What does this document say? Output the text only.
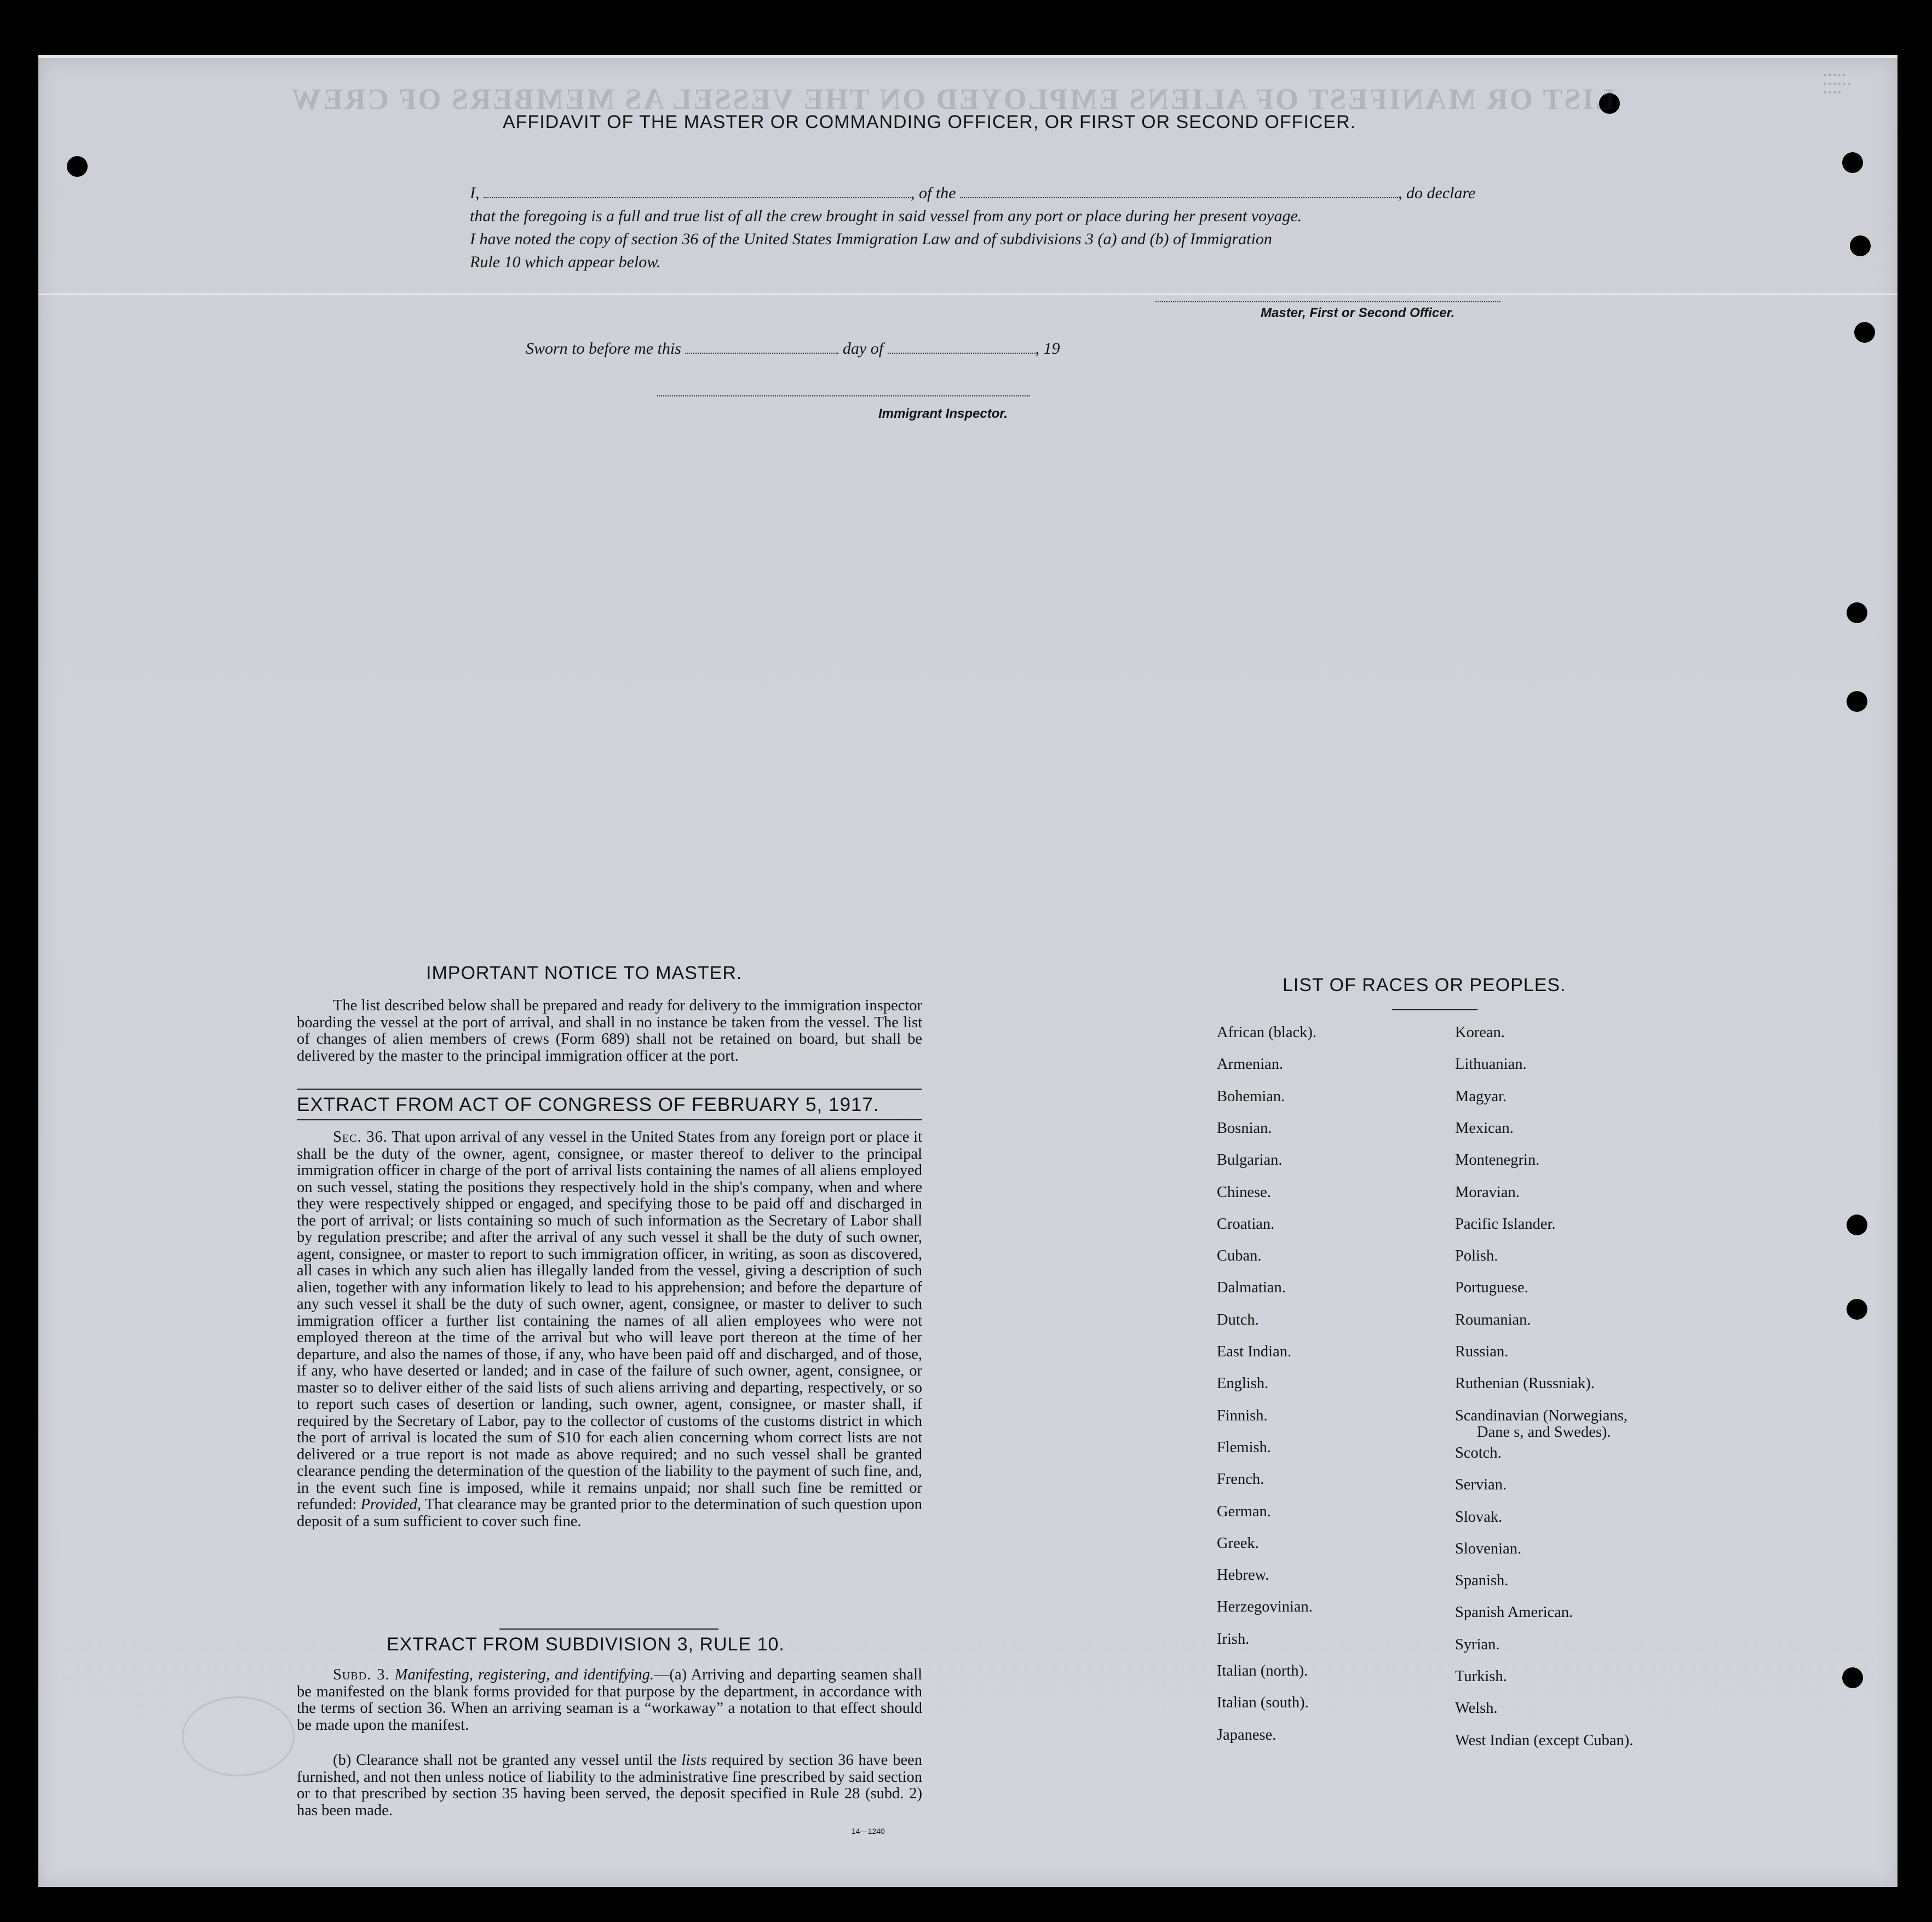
LIST OR MANIFEST OF ALIENS EMPLOYED ON THE VESSEL AS MEMBERS OF CREW

▪ ▪ ▪ ▪ ▪
▪ ▪ ▪ ▪ ▪ ▪
▪ ▪ ▪ ▪
AFFIDAVIT OF THE MASTER OR COMMANDING OFFICER, OR FIRST OR SECOND OFFICER.
I,	, of the	, do declare
that the foregoing is a full and true list of all the crew brought in said vessel from any port or place during her present voyage.
I have noted the copy of section 36 of the United States Immigration Law and of subdivisions 3 (a) and (b) of Immigration
Rule 10 which appear below.
Master, First or Second Officer.
Sworn to before me this	day of	, 19
Immigrant Inspector.
IMPORTANT NOTICE TO MASTER.
The list described below shall be prepared and ready for delivery to the immigration inspector boarding the vessel at the port of arrival, and shall in no instance be taken from the vessel. The list of changes of alien members of crews (Form 689) shall not be retained on board, but shall be delivered by the master to the principal immigration officer at the port.
EXTRACT FROM ACT OF CONGRESS OF FEBRUARY 5, 1917.
Sec. 36. That upon arrival of any vessel in the United States from any foreign port or place it shall be the duty of the owner, agent, consignee, or master thereof to deliver to the principal immigration officer in charge of the port of arrival lists containing the names of all aliens employed on such vessel, stating the positions they respectively hold in the ship's company, when and where they were respectively shipped or engaged, and specifying those to be paid off and discharged in the port of arrival; or lists containing so much of such information as the Secretary of Labor shall by regulation prescribe; and after the arrival of any such vessel it shall be the duty of such owner, agent, consignee, or master to report to such immigration officer, in writing, as soon as discovered, all cases in which any such alien has illegally landed from the vessel, giving a description of such alien, together with any information likely to lead to his apprehension; and before the departure of any such vessel it shall be the duty of such owner, agent, consignee, or master to deliver to such immigration officer a further list containing the names of all alien employees who were not employed thereon at the time of the arrival but who will leave port thereon at the time of her departure, and also the names of those, if any, who have been paid off and discharged, and of those, if any, who have deserted or landed; and in case of the failure of such owner, agent, consignee, or master so to deliver either of the said lists of such aliens arriving and departing, respectively, or so to report such cases of desertion or landing, such owner, agent, consignee, or master shall, if required by the Secretary of Labor, pay to the collector of customs of the customs district in which the port of arrival is located the sum of $10 for each alien concerning whom correct lists are not delivered or a true report is not made as above required; and no such vessel shall be granted clearance pending the determination of the question of the liability to the payment of such fine, and, in the event such fine is imposed, while it remains unpaid; nor shall such fine be remitted or refunded: Provided, That clearance may be granted prior to the determination of such question upon deposit of a sum sufficient to cover such fine.
EXTRACT FROM SUBDIVISION 3, RULE 10.
Subd. 3. Manifesting, registering, and identifying.—(a) Arriving and departing seamen shall be manifested on the blank forms provided for that purpose by the department, in accordance with the terms of section 36. When an arriving seaman is a “workaway” a notation to that effect should be made upon the manifest.
(b) Clearance shall not be granted any vessel until the lists required by section 36 have been furnished, and not then unless notice of liability to the administrative fine prescribed by said section or to that prescribed by section 35 having been served, the deposit specified in Rule 28 (subd. 2) has been made.
14—1240
LIST OF RACES OR PEOPLES.
African (black).
Armenian.
Bohemian.
Bosnian.
Bulgarian.
Chinese.
Croatian.
Cuban.
Dalmatian.
Dutch.
East Indian.
English.
Finnish.
Flemish.
French.
German.
Greek.
Hebrew.
Herzegovinian.
Irish.
Italian (north).
Italian (south).
Japanese.
Korean.
Lithuanian.
Magyar.
Mexican.
Montenegrin.
Moravian.
Pacific Islander.
Polish.
Portuguese.
Roumanian.
Russian.
Ruthenian (Russniak).
Scandinavian (Norwegians,
Dane s, and Swedes).
Scotch.
Servian.
Slovak.
Slovenian.
Spanish.
Spanish American.
Syrian.
Turkish.
Welsh.
West Indian (except Cuban).
